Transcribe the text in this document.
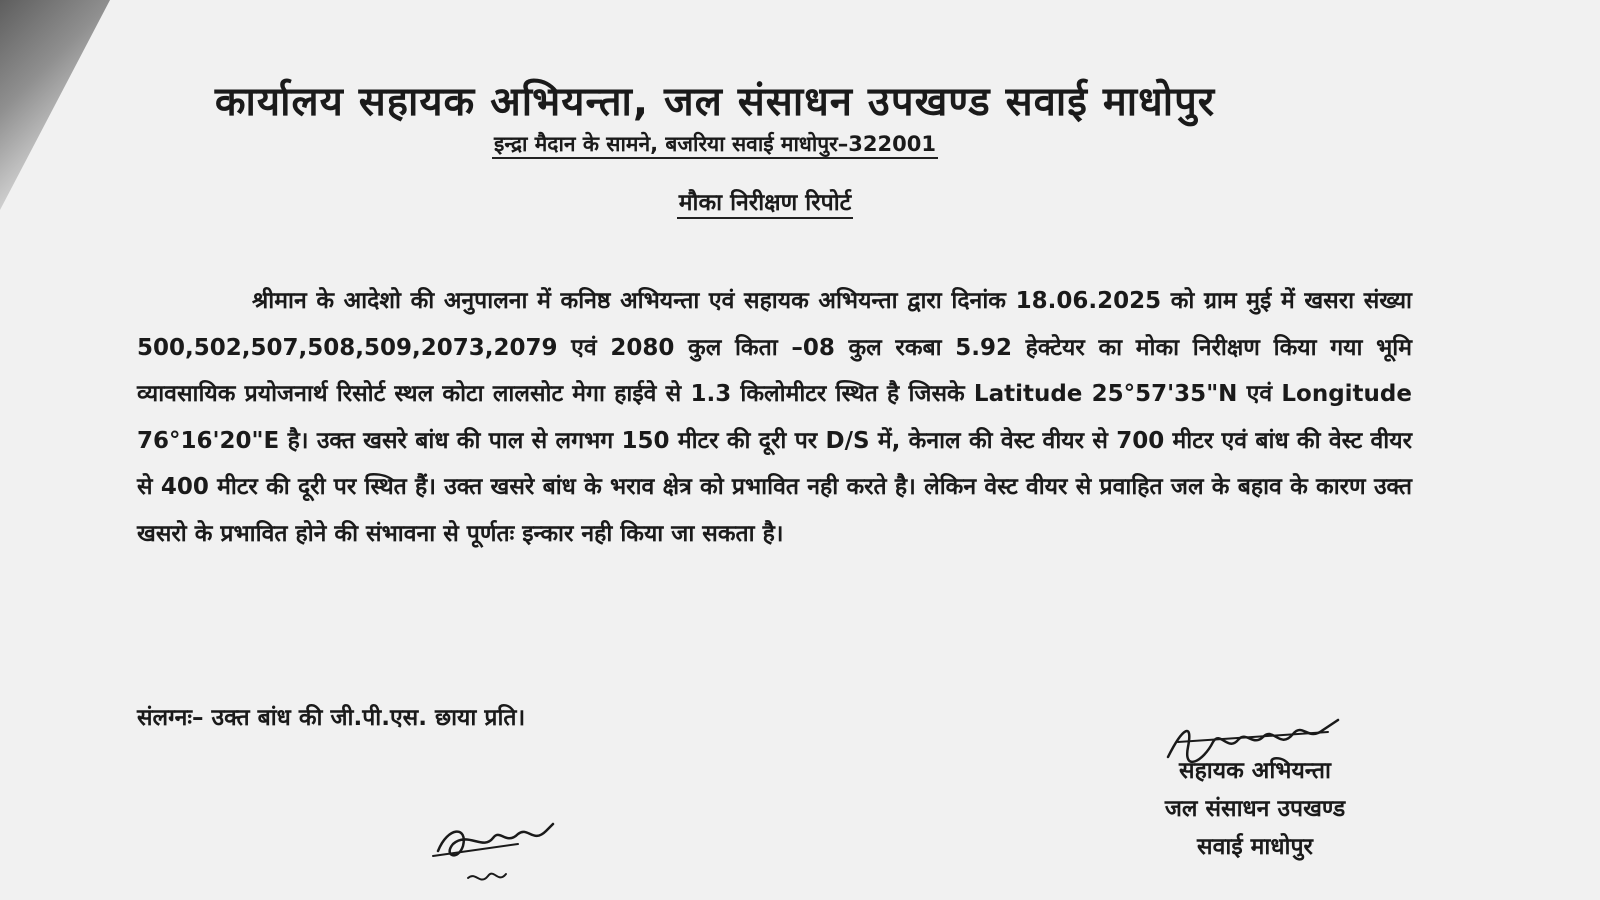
कार्यालय सहायक अभियन्ता, जल संसाधन उपखण्ड सवाई माधोपुर
इन्द्रा मैदान के सामने, बजरिया सवाई माधोपुर–322001
मौका निरीक्षण रिपोर्ट

श्रीमान के आदेशो की अनुपालना में कनिष्ठ अभियन्ता एवं सहायक अभियन्ता द्वारा दिनांक 18.06.2025 को ग्राम मुई में खसरा संख्या 500,502,507,508,509,2073,2079 एवं 2080 कुल किता –08 कुल रकबा 5.92 हेक्टेयर का मोका निरीक्षण किया गया भूमि व्यावसायिक प्रयोजनार्थ रिसोर्ट स्थल कोटा लालसोट मेगा हाईवे से 1.3 किलोमीटर स्थित है जिसके Latitude 25°57'35"N एवं Longitude 76°16'20"E है। उक्त खसरे बांध की पाल से लगभग 150 मीटर की दूरी पर D/S में, केनाल की वेस्ट वीयर से 700 मीटर एवं बांध की वेस्ट वीयर से 400 मीटर की दूरी पर स्थित हैं। उक्त खसरे बांध के भराव क्षेत्र को प्रभावित नही करते है। लेकिन वेस्ट वीयर से प्रवाहित जल के बहाव के कारण उक्त खसरो के प्रभावित होने की संभावना से पूर्णतः इन्कार नही किया जा सकता है।

संलग्नः– उक्त बांध की जी.पी.एस. छाया प्रति।

सहायक अभियन्ता
जल संसाधन उपखण्ड
सवाई माधोपुर
